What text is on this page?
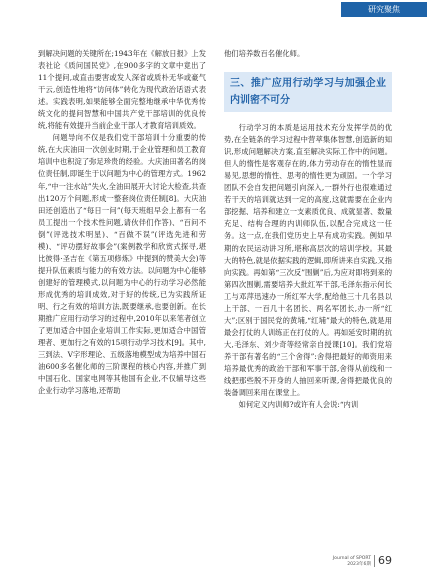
研究聚焦

到解决问题的关键所在;1943年在《解放日报》上发表社论《质问国民党》,在900多字的文章中竟出了11个提问,或直击要害或发人深省或质朴无华或豪气干云,创造性地将“访问体”转化为现代政治话语式表述。实践表明,如果能够全面完整地继承中华优秀传统文化的提问智慧和中国共产党干部培训的优良传统,将能有效提升当前企业干部人才教育培训质效。

问题导向不仅是我们党干部培训十分重要的传统,在大庆油田一次创业时期,于企业管理和员工教育培训中也积淀了弥足珍贵的经验。大庆油田著名的岗位责任制,即诞生于以问题为中心的管理方式。1962年,“中一注水站”失火,全油田展开大讨论大检查,共查出120万个问题,形成一整套岗位责任制[8]。大庆油田还创造出了“每日一问”(每天班组早会上都有一名员工提出一个技术性问题,请伙伴们作答)、“百问不倒”(评选技术明星)、“百做不误”(评选先进和劳模)、“评功摆好故事会”(案例教学和欣赏式探寻,堪比彼得·圣吉在《第五项修炼》中提到的赞美大会)等提升队伍素质与能力的有效方法。以问题为中心能够创建好的管理模式,以问题为中心的行动学习必然能形成优秀的培训成效,对于好的传统,已为实践所证明、行之有效的培训方法,既要继承,也要创新。在长期推广应用行动学习的过程中,2010年以来笔者创立了更加适合中国企业培训工作实际,更加适合中国管理者、更加行之有效的15项行动学习技术[9]。其中,三到法、V字形理论、五级落地模型成为培养中国石油600多名催化师的三阶课程的核心内容,并推广到中国石化、国家电网等其他国有企业,不仅辅导这些企业行动学习落地,还帮助

他们培养数百名催化师。

三、推广应用行动学习与加强企业内训密不可分

行动学习的本质是运用技术充分发挥学员的优势,在全链条的学习过程中营萃集体智慧,创造新的知识,形成问题解决方案,直至解决实际工作中的问题。但人的惰性是客观存在的,体力劳动存在的惰性显而易见,思想的惰性、思考的惰性更为顽固。一个学习团队不会自发把问题引向深入,一群外行也很难通过若干天的培训就达到一定的高度,这就需要在企业内部挖掘、培养和建立一支素质优良、成就显著、数量充足、结构合理的内训师队伍,以配合完成这一任务。这一点,在我们党历史上早有成功实践。例如早期的农民运动讲习所,堪称高层次的培训学校。其最大的特色,就是依据实践的逻辑,即所讲来自实践,又指向实践。再如第“三次反”围剿”后,为应对即将到来的第四次围剿,需要培养大批红军干部,毛泽东指示何长工与邓萍迅速办一所红军大学,配给他三十几名县以上干部、一百几十名团长、两名军团长,办一所“红大”;区别于国民党的黄埔,“红埔”最大的特色,就是用最会打仗的人训练正在打仗的人。再如延安时期的抗大,毛泽东、刘少奇等经常亲自授课[10]。我们党培养干部有著名的“三个舍得”:舍得把最好的师资用来培养最优秀的政治干部和军事干部,舍得从前线和一线把那些脱不开身的人抽回来听课,舍得把最优良的装备调回来用在课堂上。

如何定义内训师?或许有人会说:“内训

Journal of SPORT
2023年6期 69
